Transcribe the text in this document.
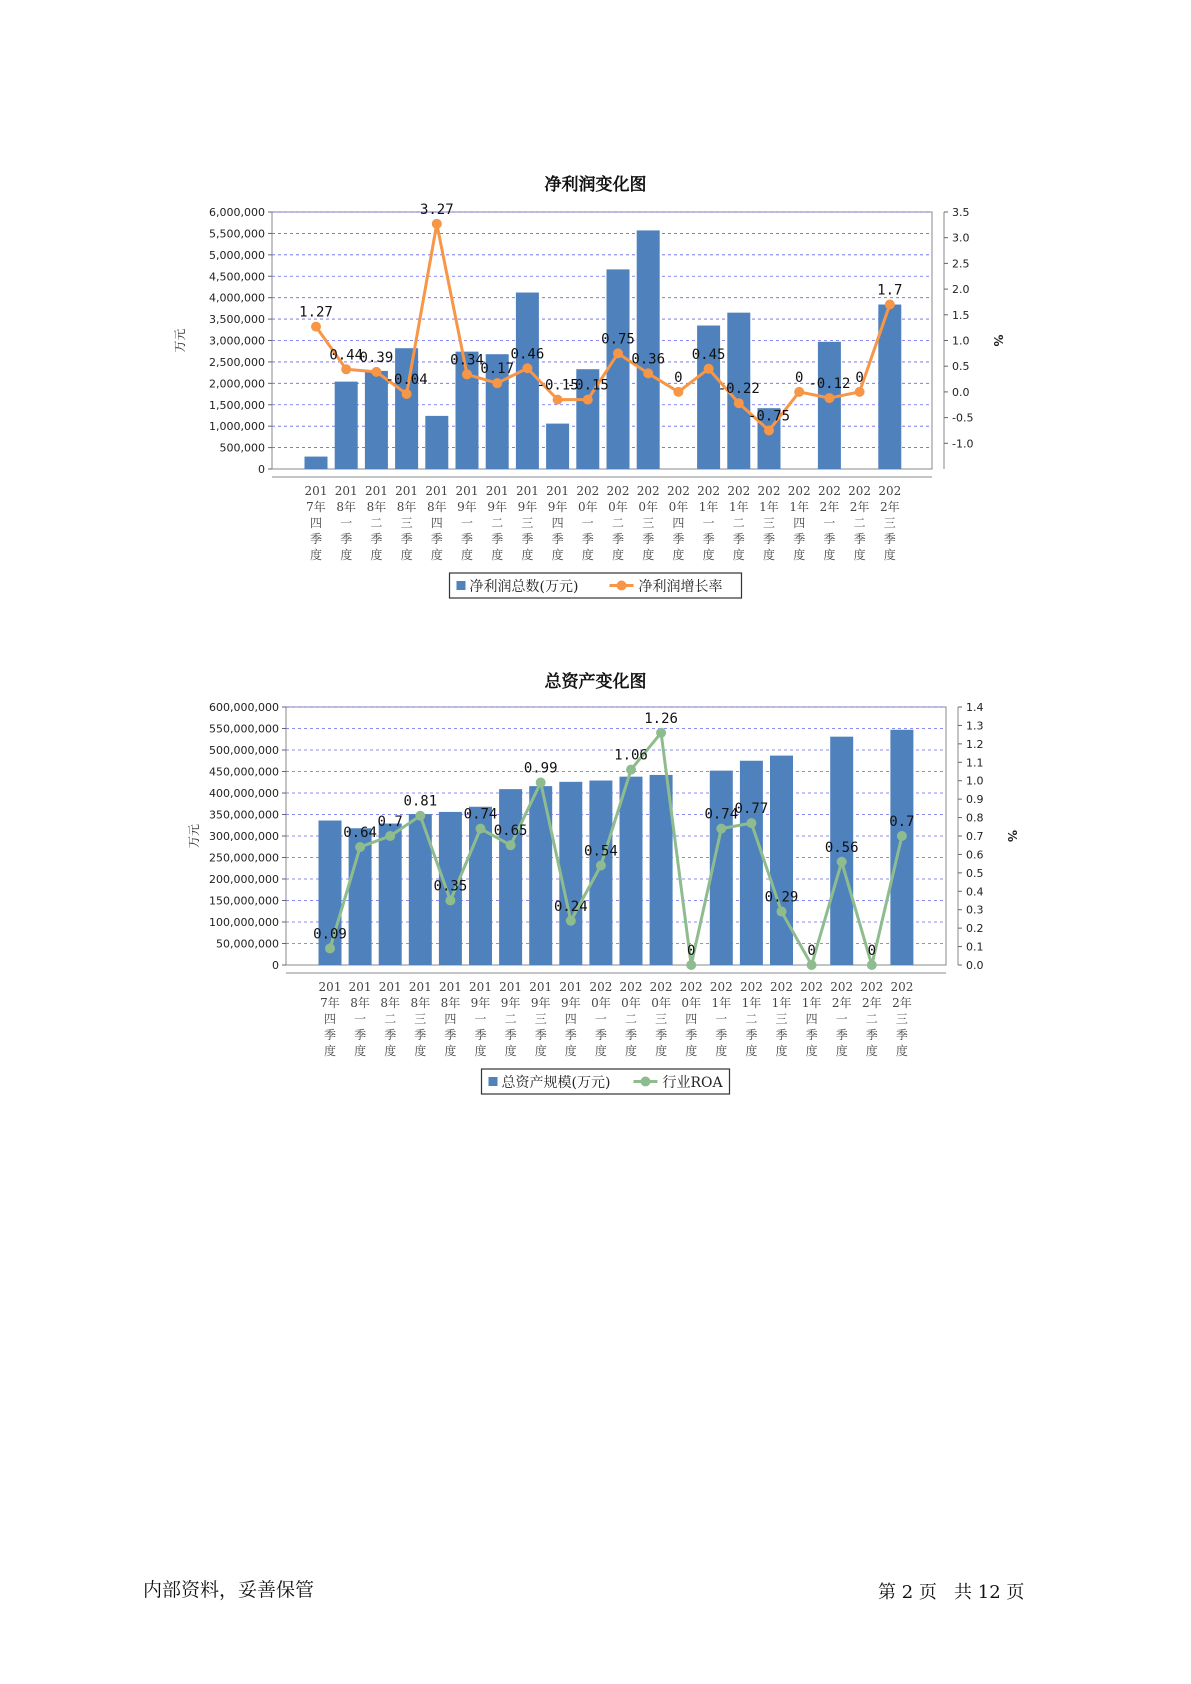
净利润变化图
0
500,000
1,000,000
1,500,000
2,000,000
2,500,000
3,000,000
3,500,000
4,000,000
4,500,000
5,000,000
5,500,000
6,000,000
-1.0
-0.5
0.0
0.5
1.0
1.5
2.0
2.5
3.0
3.5
万元	%
201 7年四季度
201 8年一季度
201 8年二季度
201 8年三季度
201 8年四季度
201 9年一季度
201 9年二季度
201 9年三季度
201 9年四季度
202 0年一季度
202 0年二季度
202 0年三季度
202 0年四季度
202 1年一季度
202 1年二季度
202 1年三季度
202 1年四季度
202 2年一季度
202 2年二季度
202 2年三季度
1.27
0.44
0.39
-0.04
3.27
0.34
0.17
0.46
-0.15
-0.15
0.75
0.36
0
0.45
-0.22
-0.75
0 -0.12 0
1.7
净利润总数(万元)	净利润增长率
总资产变化图
0
50,000,000
100,000,000
150,000,000
200,000,000
250,000,000
300,000,000
350,000,000
400,000,000
450,000,000
500,000,000
550,000,000
600,000,000
0.0
0.1
0.2
0.3
0.4
0.5
0.6
0.7
0.8
0.9
1.0
1.1
1.2
1.3
1.4
万元	%
201 7年四季度
201 8年一季度
201 8年二季度
201 8年三季度
201 8年四季度
201 9年一季度
201 9年二季度
201 9年三季度
201 9年四季度
202 0年一季度
202 0年二季度
202 0年三季度
202 0年四季度
202 1年一季度
202 1年二季度
202 1年三季度
202 1年四季度
202 2年一季度
202 2年二季度
202 2年三季度
0.09
0.64
0.7
0.81
0.35
0.74
0.65
0.99
0.24
0.54
1.06
1.26
0
0.74
0.77
0.29
0
0.56
0
0.7
总资产规模(万元)	行业ROA
内部资料，妥善保管	第 2 页   共 12 页
